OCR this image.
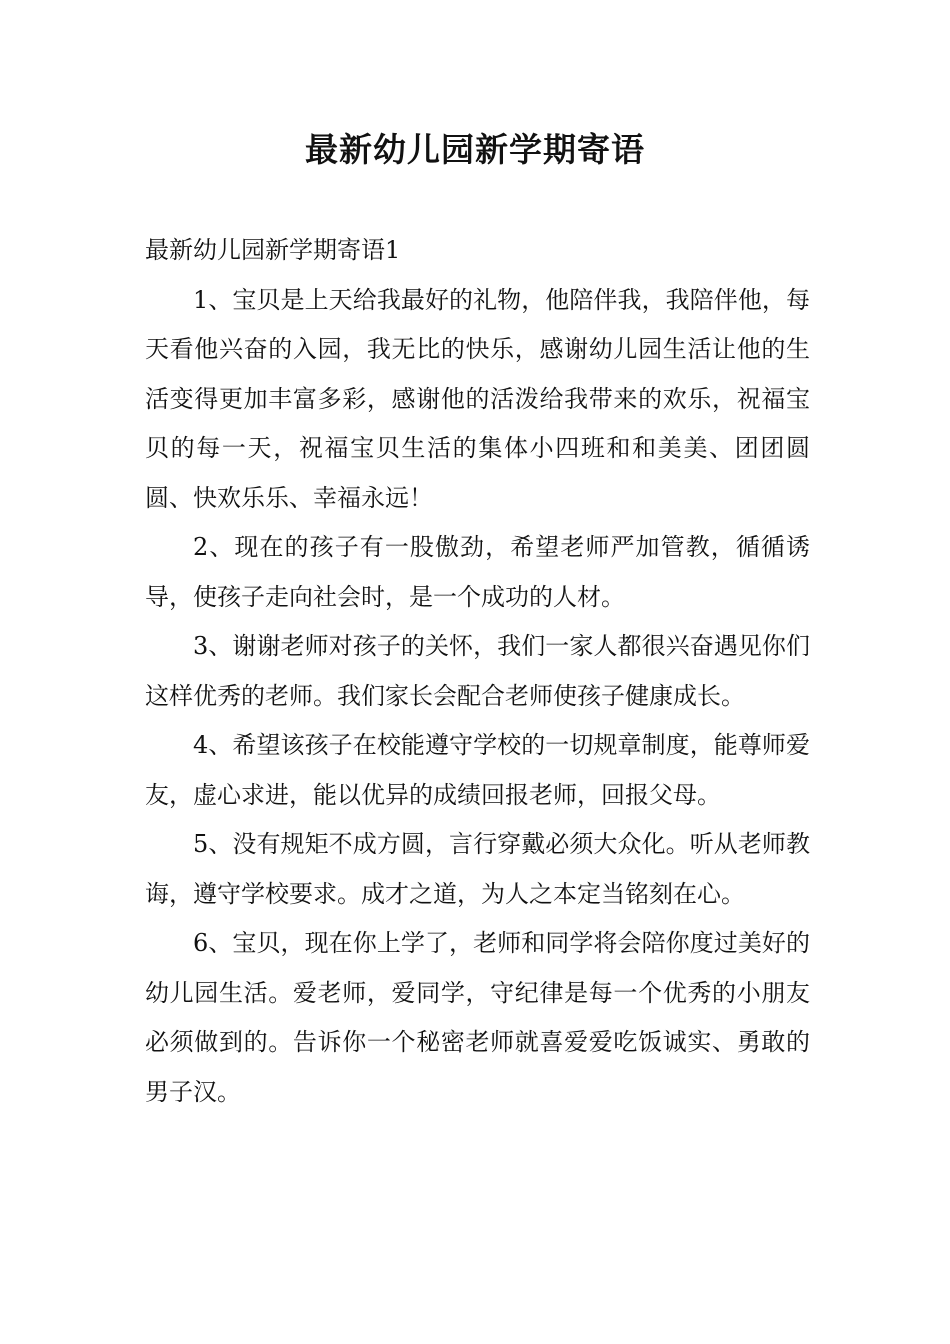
最新幼儿园新学期寄语

最新幼儿园新学期寄语1

1、宝贝是上天给我最好的礼物，他陪伴我，我陪伴他，每天看他兴奋的入园，我无比的快乐，感谢幼儿园生活让他的生活变得更加丰富多彩，感谢他的活泼给我带来的欢乐，祝福宝贝的每一天，祝福宝贝生活的集体小四班和和美美、团团圆圆、快欢乐乐、幸福永远！

2、现在的孩子有一股傲劲，希望老师严加管教，循循诱导，使孩子走向社会时，是一个成功的人材。

3、谢谢老师对孩子的关怀，我们一家人都很兴奋遇见你们这样优秀的老师。我们家长会配合老师使孩子健康成长。

4、希望该孩子在校能遵守学校的一切规章制度，能尊师爱友，虚心求进，能以优异的成绩回报老师，回报父母。

5、没有规矩不成方圆，言行穿戴必须大众化。听从老师教诲，遵守学校要求。成才之道，为人之本定当铭刻在心。

6、宝贝，现在你上学了，老师和同学将会陪你度过美好的幼儿园生活。爱老师，爱同学，守纪律是每一个优秀的小朋友必须做到的。告诉你一个秘密老师就喜爱爱吃饭诚实、勇敢的男子汉。
